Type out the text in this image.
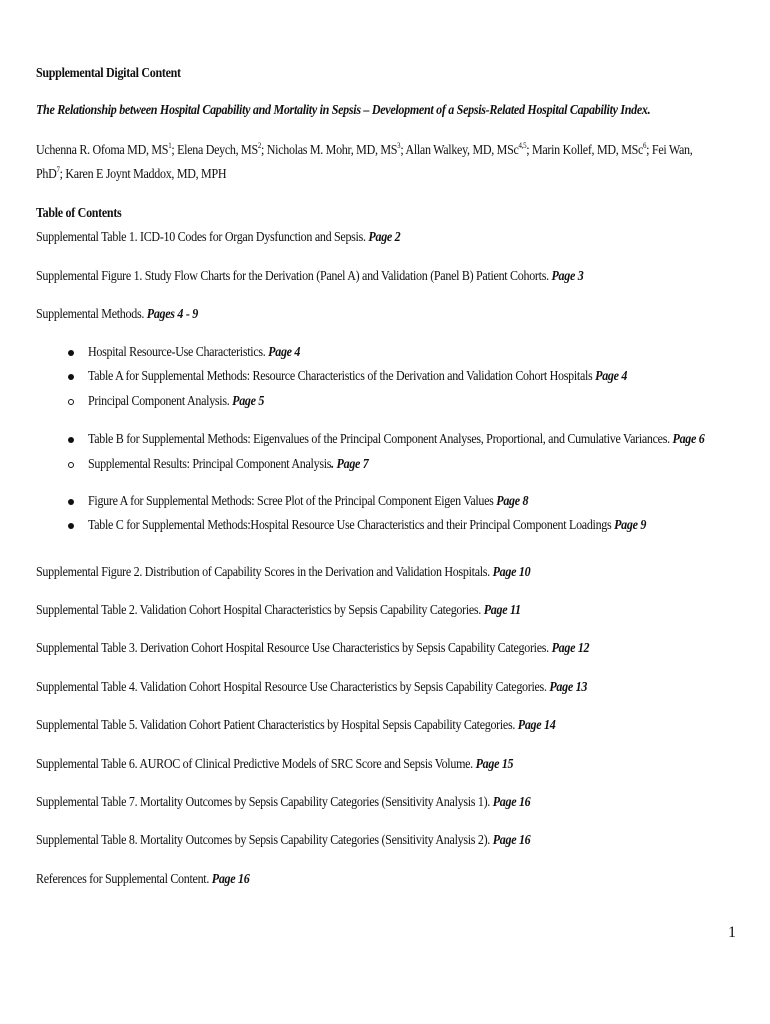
Supplemental Digital Content
The Relationship between Hospital Capability and Mortality in Sepsis – Development of a Sepsis-Related Hospital Capability Index.
Uchenna R. Ofoma MD, $MS^1$; Elena Deych, $MS^2$; Nicholas M. Mohr, MD, $MS^3$; Allan Walkey, MD, MSc$^{4,5}$; Marin Kollef, MD, MSc$^6$; Fei Wan,
PhD$^7$; Karen E Joynt Maddox, MD, MPH
Table of Contents
Supplemental Table 1. ICD-10 Codes for Organ Dysfunction and Sepsis. Page 2
Supplemental Figure 1. Study Flow Charts for the Derivation (Panel A) and Validation (Panel B) Patient Cohorts. Page 3
Supplemental Methods. Pages 4 - 9
Hospital Resource-Use Characteristics. Page 4
Table A for Supplemental Methods: Resource Characteristics of the Derivation and Validation Cohort Hospitals Page 4
Principal Component Analysis. Page 5
Table B for Supplemental Methods: Eigenvalues of the Principal Component Analyses, Proportional, and Cumulative Variances. Page 6
Supplemental Results: Principal Component Analysis. Page 7
Figure A for Supplemental Methods: Scree Plot of the Principal Component Eigen Values Page 8
Table C for Supplemental Methods:Hospital Resource Use Characteristics and their Principal Component Loadings Page 9
Supplemental Figure 2. Distribution of Capability Scores in the Derivation and Validation Hospitals. Page 10
Supplemental Table 2. Validation Cohort Hospital Characteristics by Sepsis Capability Categories. Page 11
Supplemental Table 3. Derivation Cohort Hospital Resource Use Characteristics by Sepsis Capability Categories. Page 12
Supplemental Table 4. Validation Cohort Hospital Resource Use Characteristics by Sepsis Capability Categories. Page 13
Supplemental Table 5. Validation Cohort Patient Characteristics by Hospital Sepsis Capability Categories. Page 14
Supplemental Table 6. AUROC of Clinical Predictive Models of SRC Score and Sepsis Volume. Page 15
Supplemental Table 7. Mortality Outcomes by Sepsis Capability Categories (Sensitivity Analysis 1). Page 16
Supplemental Table 8. Mortality Outcomes by Sepsis Capability Categories (Sensitivity Analysis 2). Page 16
References for Supplemental Content. Page 16
1
